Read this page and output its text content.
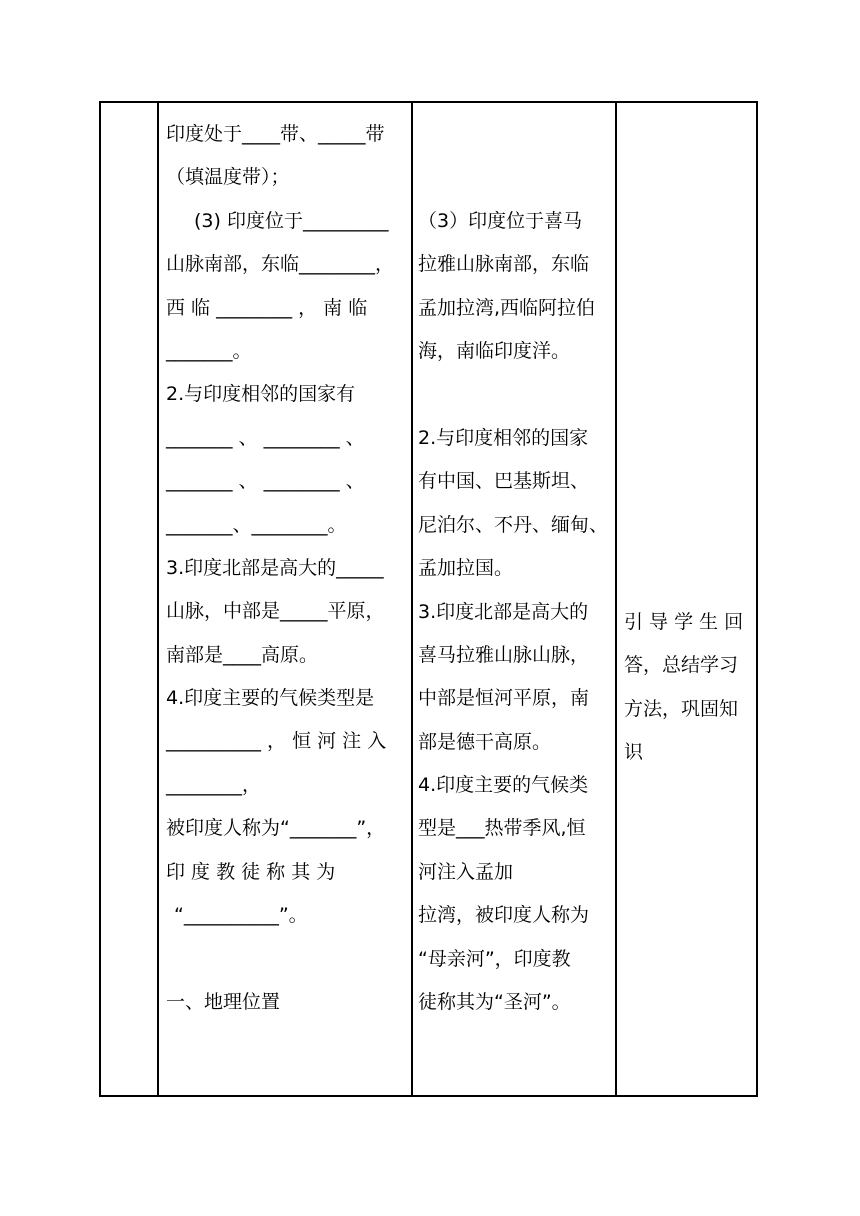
印度处于____带、_____带
（填温度带）；
(3) 印度位于_________
山脉南部，东临________，
西 临 ________ ， 南 临
_______。
2.与印度相邻的国家有
_______ 、 ________ 、
_______ 、 ________ 、
_______、________。
3.印度北部是高大的_____
山脉，中部是_____平原，
南部是____高原。
4.印度主要的气候类型是
__________ ， 恒 河 注 入
________，
被印度人称为“_______”，
印 度 教 徒 称 其 为
“__________”。
一、地理位置
（3）印度位于喜马
拉雅山脉南部，东临
孟加拉湾,西临阿拉伯
海，南临印度洋。
2.与印度相邻的国家
有中国、巴基斯坦、
尼泊尔、不丹、缅甸、
孟加拉国。
3.印度北部是高大的
喜马拉雅山脉山脉，
中部是恒河平原，南
部是德干高原。
4.印度主要的气候类
型是___热带季风,恒
河注入孟加
拉湾，被印度人称为
“母亲河”，印度教
徒称其为“圣河”。
引 导 学 生 回
答，总结学习
方法，巩固知
识
